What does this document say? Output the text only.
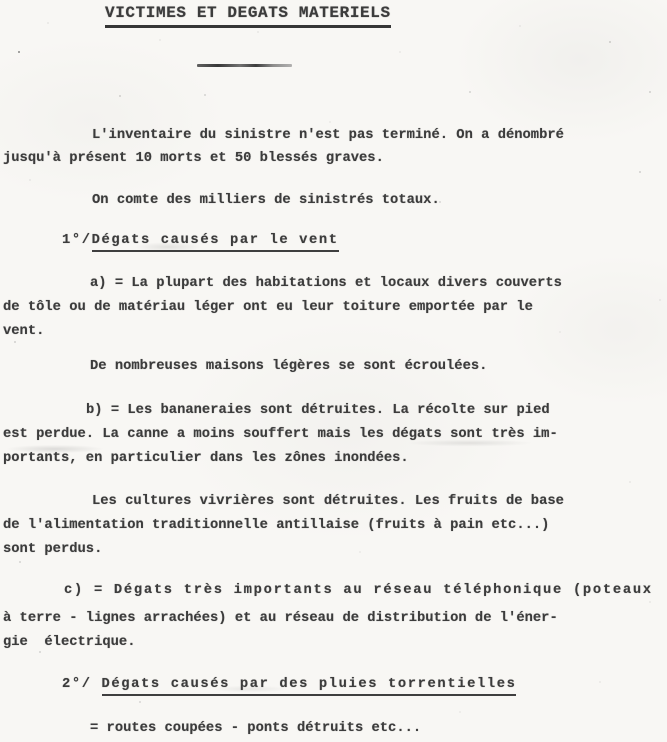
VICTIMES ET DEGATS MATERIELS
L'inventaire du sinistre n'est pas terminé. On a dénombré
jusqu'à présent 10 morts et 50 blessés graves.
On comte des milliers de sinistrés totaux.
1°/Dégats causés par le vent
a) = La plupart des habitations et locaux divers couverts
de tôle ou de matériau léger ont eu leur toiture emportée par le
vent.
De nombreuses maisons légères se sont écroulées.
b) = Les bananeraies sont détruites. La récolte sur pied
est perdue. La canne a moins souffert mais les dégats sont très im-
portants, en particulier dans les zônes inondées.
Les cultures vivrières sont détruites. Les fruits de base
de l'alimentation traditionnelle antillaise (fruits à pain etc...)
sont perdus.
c) = Dégats très importants au réseau téléphonique (poteaux
à terre - lignes arrachées) et au réseau de distribution de l'éner-
gie  électrique.
2°/ Dégats causés par des pluies torrentielles
= routes coupées - ponts détruits etc...
